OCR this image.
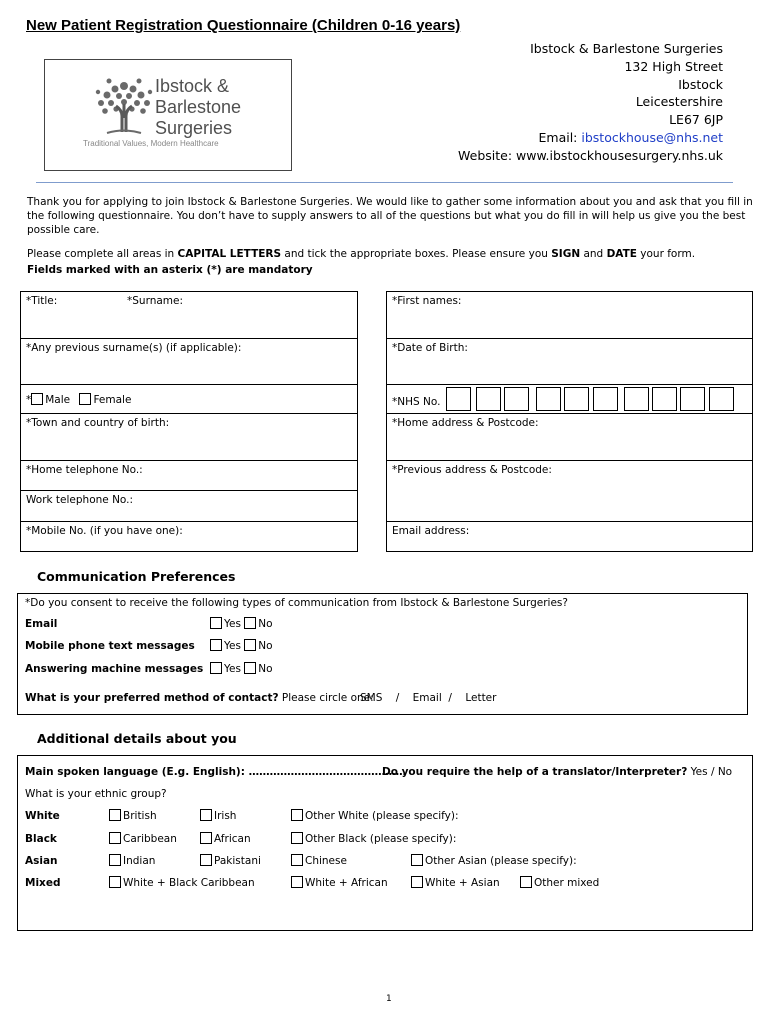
New Patient Registration Questionnaire (Children 0-16 years)
Ibstock & Barlestone Surgeries
132 High Street
Ibstock
Leicestershire
LE67 6JP
Email: ibstockhouse@nhs.net
Website: www.ibstockhousesurgery.nhs.uk
Ibstock &
Barlestone
Surgeries
Traditional Values, Modern Healthcare
Thank you for applying to join Ibstock & Barlestone Surgeries. We would like to gather some information about you and ask that you fill in the following questionnaire. You don’t have to supply answers to all of the questions but what you do fill in will help us give you the best possible care.
Please complete all areas in CAPITAL LETTERS and tick the appropriate boxes. Please ensure you SIGN and DATE your form.
Fields marked with an asterix (*) are mandatory
*Title:	*Surname:
*Any previous surname(s) (if applicable):
* Male Female
*Town and country of birth:
*Home telephone No.:
Work telephone No.:
*Mobile No. (if you have one):
*First names:
*Date of Birth:
*NHS No.
*Home address & Postcode:
*Previous address & Postcode:
Email address:
Communication Preferences
*Do you consent to receive the following types of communication from Ibstock & Barlestone Surgeries?
Email	Yes No
Mobile phone text messages	Yes No
Answering machine messages	Yes No
What is your preferred method of contact? Please circle one:
SMS    /    Email  /    Letter
Additional details about you
Main spoken language (E.g. English): ………………………………………
Do you require the help of a translator/Interpreter? Yes / No
What is your ethnic group?
White	British	Irish	Other White (please specify):
Black	Caribbean	African	Other Black (please specify):
Asian	Indian	Pakistani	Chinese	Other Asian (please specify):
Mixed	White + Black Caribbean	White + African	White + Asian	Other mixed
1
